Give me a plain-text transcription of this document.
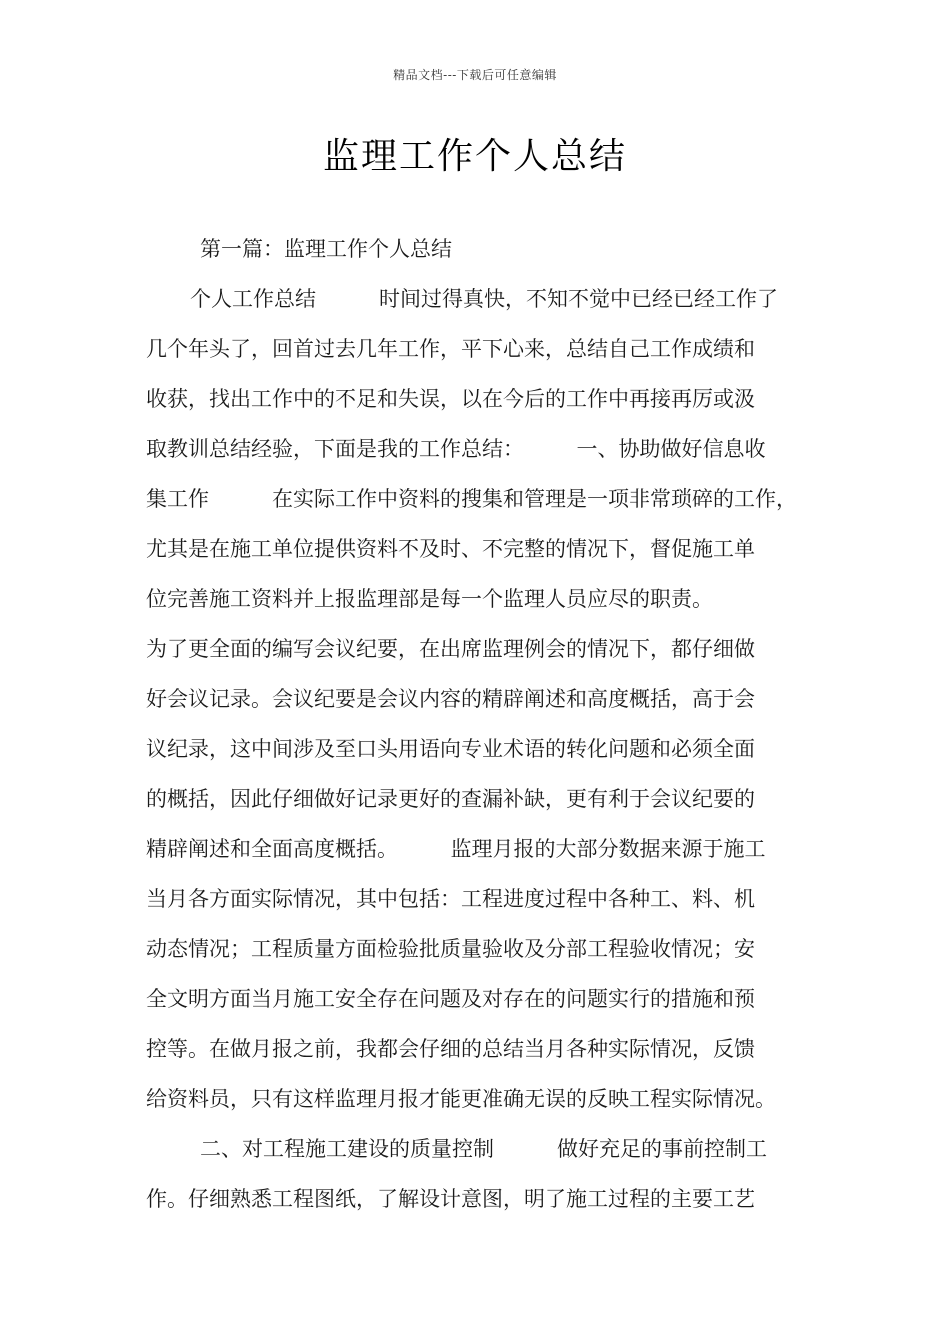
精品文档---下载后可任意编辑
监理工作个人总结
第一篇：监理工作个人总结
个人工作总结　　　时间过得真快，不知不觉中已经已经工作了
几个年头了，回首过去几年工作，平下心来，总结自己工作成绩和
收获，找出工作中的不足和失误，以在今后的工作中再接再厉或汲
取教训总结经验，下面是我的工作总结：　　　一、协助做好信息收
集工作　　　在实际工作中资料的搜集和管理是一项非常琐碎的工作，
尤其是在施工单位提供资料不及时、不完整的情况下，督促施工单
位完善施工资料并上报监理部是每一个监理人员应尽的职责。
为了更全面的编写会议纪要，在出席监理例会的情况下，都仔细做
好会议记录。会议纪要是会议内容的精辟阐述和高度概括，高于会
议纪录，这中间涉及至口头用语向专业术语的转化问题和必须全面
的概括，因此仔细做好记录更好的查漏补缺，更有利于会议纪要的
精辟阐述和全面高度概括。　　　监理月报的大部分数据来源于施工
当月各方面实际情况，其中包括：工程进度过程中各种工、料、机
动态情况；工程质量方面检验批质量验收及分部工程验收情况；安
全文明方面当月施工安全存在问题及对存在的问题实行的措施和预
控等。在做月报之前，我都会仔细的总结当月各种实际情况，反馈
给资料员，只有这样监理月报才能更准确无误的反映工程实际情况。
二、对工程施工建设的质量控制　　　做好充足的事前控制工
作。仔细熟悉工程图纸，了解设计意图，明了施工过程的主要工艺
